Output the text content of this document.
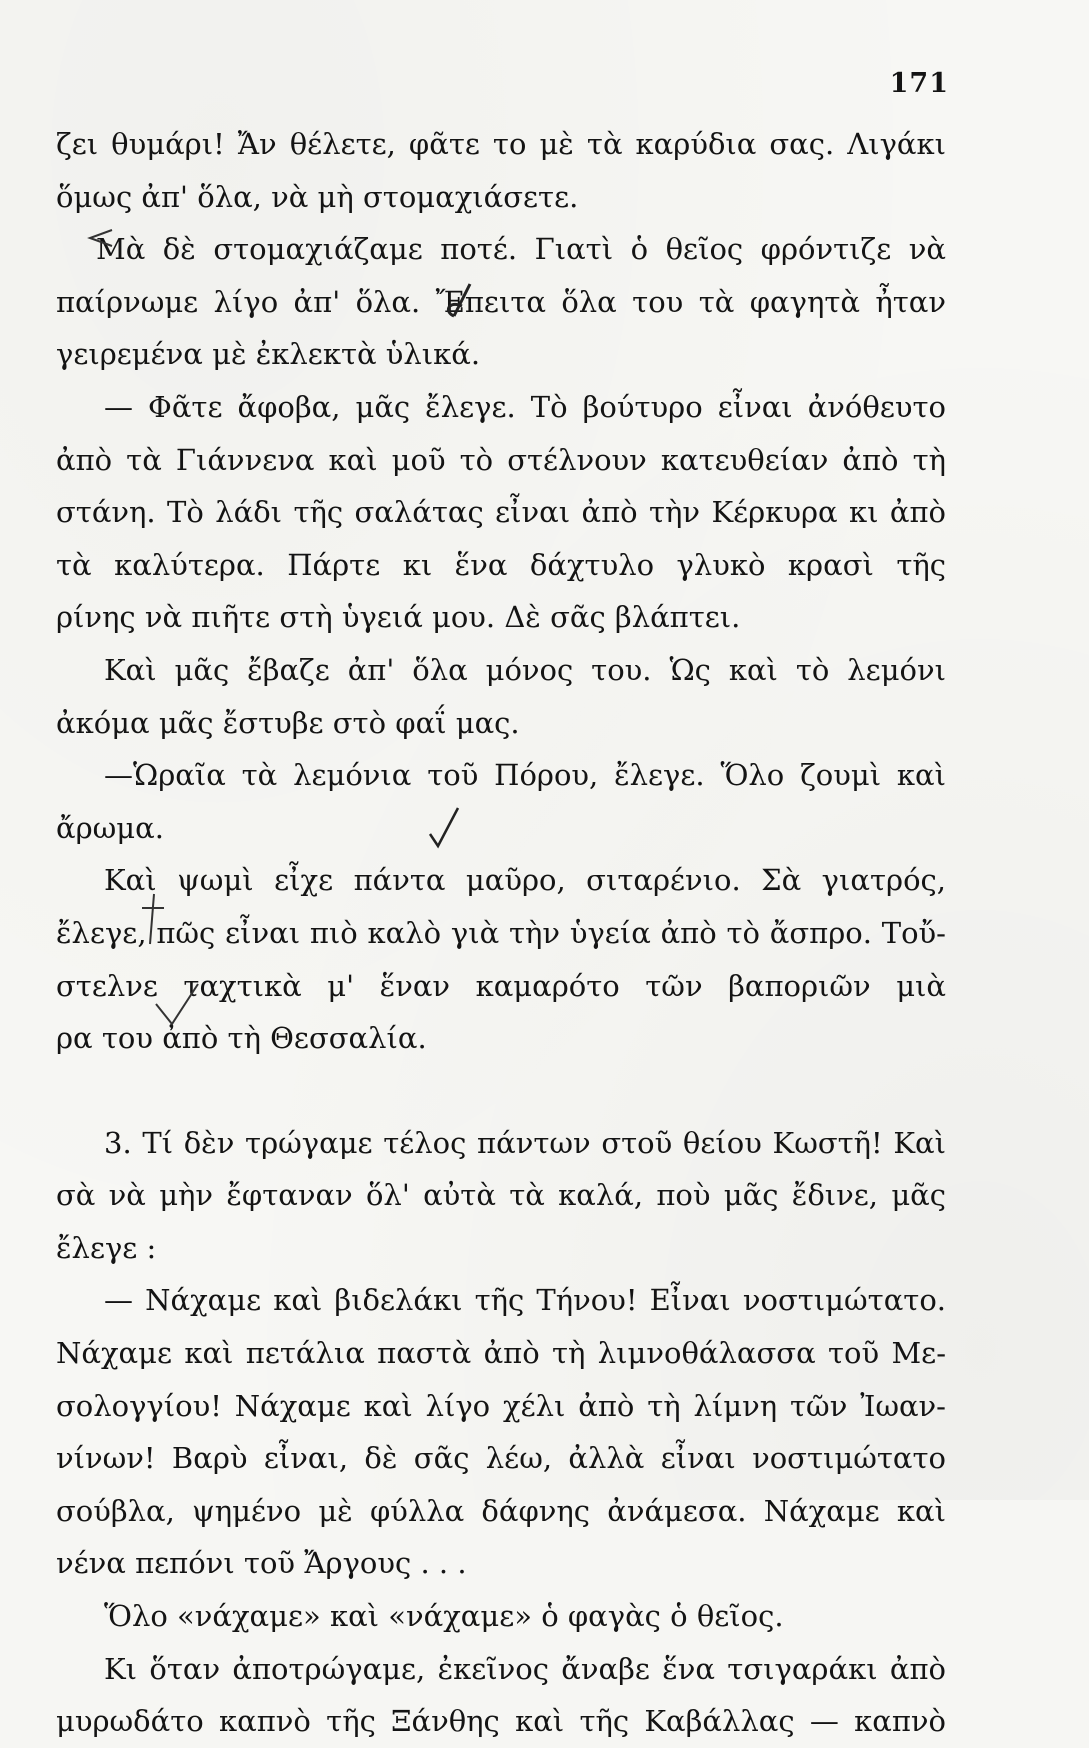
171
ζει θυμάρι! Ἄν θέλετε, φᾶτε το μὲ τὰ καρύδια σας. Λιγάκι
ὅμως ἀπ' ὅλα, νὰ μὴ στομαχιάσετε.
Μὰ δὲ στομαχιάζαμε ποτέ. Γιατὶ ὁ θεῖος φρόντιζε νὰ
παίρνωμε λίγο ἀπ' ὅλα. Ἔπειτα ὅλα του τὰ φαγητὰ ἦταν
γειρεμένα μὲ ἐκλεκτὰ ὑλικά.
— Φᾶτε ἄφοβα, μᾶς ἔλεγε. Τὸ βούτυρο εἶναι ἀνόθευτο
ἀπὸ τὰ Γιάννενα καὶ μοῦ τὸ στέλνουν κατευθείαν ἀπὸ τὴ
στάνη. Τὸ λάδι τῆς σαλάτας εἶναι ἀπὸ τὴν Κέρκυρα κι ἀπὸ
τὰ καλύτερα. Πάρτε κι ἕνα δάχτυλο γλυκὸ κρασὶ τῆς
ρίνης νὰ πιῆτε στὴ ὑγειά μου. Δὲ σᾶς βλάπτει.
Καὶ μᾶς ἔβαζε ἀπ' ὅλα μόνος του. Ὡς καὶ τὸ λεμόνι
ἀκόμα μᾶς ἔστυβε στὸ φαΐ μας.
—Ὡραῖα τὰ λεμόνια τοῦ Πόρου, ἔλεγε. Ὅλο ζουμὶ καὶ
ἄρωμα.
Καὶ ψωμὶ εἶχε πάντα μαῦρο, σιταρένιο. Σὰ γιατρός,
ἔλεγε, πῶς εἶναι πιὸ καλὸ γιὰ τὴν ὑγεία ἀπὸ τὸ ἄσπρο. Τοὔ-
στελνε ταχτικὰ μ' ἕναν καμαρότο τῶν βαποριῶν μιὰ
ρα του ἀπὸ τὴ Θεσσαλία.
3. Τί δὲν τρώγαμε τέλος πάντων στοῦ θείου Κωστῆ! Καὶ
σὰ νὰ μὴν ἔφταναν ὅλ' αὐτὰ τὰ καλά, ποὺ μᾶς ἔδινε, μᾶς
ἔλεγε :
— Νάχαμε καὶ βιδελάκι τῆς Τήνου! Εἶναι νοστιμώτατο.
Νάχαμε καὶ πετάλια παστὰ ἀπὸ τὴ λιμνοθάλασσα τοῦ Με-
σολογγίου! Νάχαμε καὶ λίγο χέλι ἀπὸ τὴ λίμνη τῶν Ἰωαν-
νίνων! Βαρὺ εἶναι, δὲ σᾶς λέω, ἀλλὰ εἶναι νοστιμώτατο
σούβλα, ψημένο μὲ φύλλα δάφνης ἀνάμεσα. Νάχαμε καὶ
νένα πεπόνι τοῦ Ἄργους . . .
Ὅλο «νάχαμε» καὶ «νάχαμε» ὁ φαγὰς ὁ θεῖος.
Κι ὅταν ἀποτρώγαμε, ἐκεῖνος ἄναβε ἕνα τσιγαράκι ἀπὸ
μυρωδάτο καπνὸ τῆς Ξάνθης καὶ τῆς Καβάλλας — καπνὸ
